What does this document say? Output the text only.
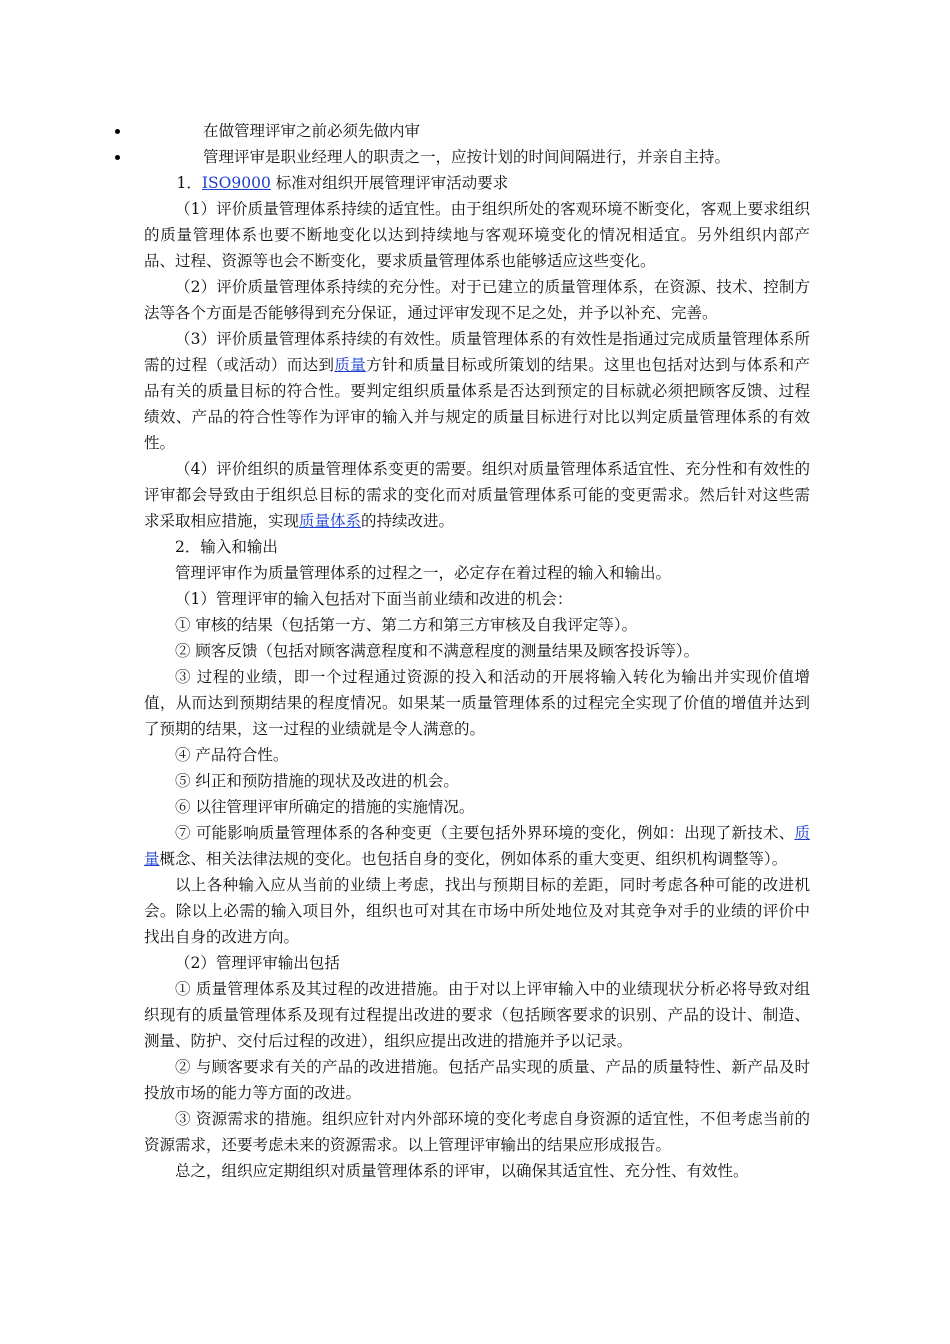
在做管理评审之前必须先做内审
管理评审是职业经理人的职责之一，应按计划的时间间隔进行，并亲自主持。

1．ISO9000 标准对组织开展管理评审活动要求

（1）评价质量管理体系持续的适宜性。由于组织所处的客观环境不断变化，客观上要求组织的质量管理体系也要不断地变化以达到持续地与客观环境变化的情况相适宜。另外组织内部产品、过程、资源等也会不断变化，要求质量管理体系也能够适应这些变化。

（2）评价质量管理体系持续的充分性。对于已建立的质量管理体系，在资源、技术、控制方法等各个方面是否能够得到充分保证，通过评审发现不足之处，并予以补充、完善。

（3）评价质量管理体系持续的有效性。质量管理体系的有效性是指通过完成质量管理体系所需的过程（或活动）而达到质量方针和质量目标或所策划的结果。这里也包括对达到与体系和产品有关的质量目标的符合性。要判定组织质量体系是否达到预定的目标就必须把顾客反馈、过程绩效、产品的符合性等作为评审的输入并与规定的质量目标进行对比以判定质量管理体系的有效性。

（4）评价组织的质量管理体系变更的需要。组织对质量管理体系适宜性、充分性和有效性的评审都会导致由于组织总目标的需求的变化而对质量管理体系可能的变更需求。然后针对这些需求采取相应措施，实现质量体系的持续改进。

2．输入和输出

管理评审作为质量管理体系的过程之一，必定存在着过程的输入和输出。

（1）管理评审的输入包括对下面当前业绩和改进的机会：

① 审核的结果（包括第一方、第二方和第三方审核及自我评定等）。

② 顾客反馈（包括对顾客满意程度和不满意程度的测量结果及顾客投诉等）。

③ 过程的业绩，即一个过程通过资源的投入和活动的开展将输入转化为输出并实现价值增值，从而达到预期结果的程度情况。如果某一质量管理体系的过程完全实现了价值的增值并达到了预期的结果，这一过程的业绩就是令人满意的。

④ 产品符合性。

⑤ 纠正和预防措施的现状及改进的机会。

⑥ 以往管理评审所确定的措施的实施情况。

⑦ 可能影响质量管理体系的各种变更（主要包括外界环境的变化，例如：出现了新技术、质量概念、相关法律法规的变化。也包括自身的变化，例如体系的重大变更、组织机构调整等）。

以上各种输入应从当前的业绩上考虑，找出与预期目标的差距，同时考虑各种可能的改进机会。除以上必需的输入项目外，组织也可对其在市场中所处地位及对其竞争对手的业绩的评价中找出自身的改进方向。

（2）管理评审输出包括

① 质量管理体系及其过程的改进措施。由于对以上评审输入中的业绩现状分析必将导致对组织现有的质量管理体系及现有过程提出改进的要求（包括顾客要求的识别、产品的设计、制造、测量、防护、交付后过程的改进），组织应提出改进的措施并予以记录。

② 与顾客要求有关的产品的改进措施。包括产品实现的质量、产品的质量特性、新产品及时投放市场的能力等方面的改进。

③ 资源需求的措施。组织应针对内外部环境的变化考虑自身资源的适宜性，不但考虑当前的资源需求，还要考虑未来的资源需求。以上管理评审输出的结果应形成报告。

总之，组织应定期组织对质量管理体系的评审，以确保其适宜性、充分性、有效性。
